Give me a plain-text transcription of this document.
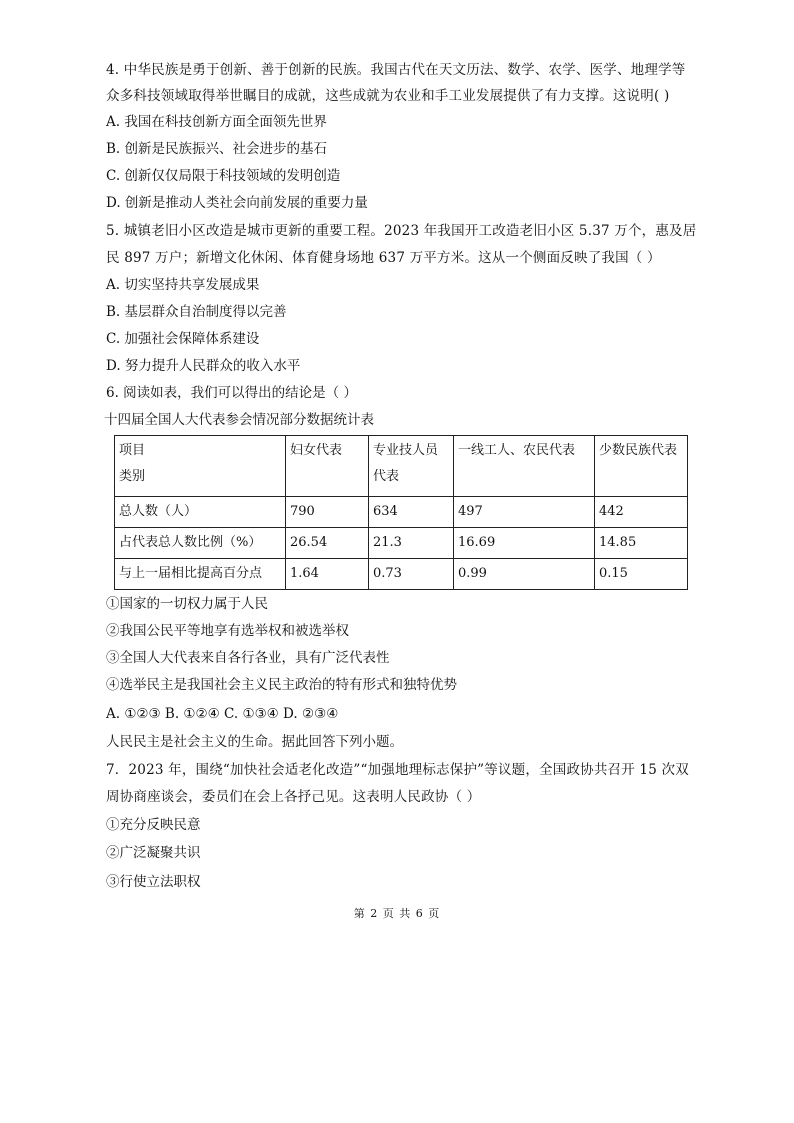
4. 中华民族是勇于创新、善于创新的民族。我国古代在天文历法、数学、农学、医学、地理学等
众多科技领域取得举世瞩目的成就，这些成就为农业和手工业发展提供了有力支撑。这说明( )
A. 我国在科技创新方面全面领先世界
B. 创新是民族振兴、社会进步的基石
C. 创新仅仅局限于科技领域的发明创造
D. 创新是推动人类社会向前发展的重要力量
5. 城镇老旧小区改造是城市更新的重要工程。2023 年我国开工改造老旧小区 5.37 万个，惠及居
民 897 万户；新增文化休闲、体育健身场地 637 万平方米。这从一个侧面反映了我国（ ）
A. 切实坚持共享发展成果
B. 基层群众自治制度得以完善
C. 加强社会保障体系建设
D. 努力提升人民群众的收入水平
6. 阅读如表，我们可以得出的结论是（ ）
十四届全国人大代表参会情况部分数据统计表
项目
类别	妇女代表	专业技人员代表	一线工人、农民代表	少数民族代表
总人数（人）	790	634	497	442
占代表总人数比例（%）	26.54	21.3	16.69	14.85
与上一届相比提高百分点	1.64	0.73	0.99	0.15
①国家的一切权力属于人民
②我国公民平等地享有选举权和被选举权
③全国人大代表来自各行各业，具有广泛代表性
④选举民主是我国社会主义民主政治的特有形式和独特优势
A. ①②③ B. ①②④ C. ①③④ D. ②③④
人民民主是社会主义的生命。据此回答下列小题。
7．2023 年，围绕“加快社会适老化改造”“加强地理标志保护”等议题，全国政协共召开 15 次双
周协商座谈会，委员们在会上各抒己见。这表明人民政协（ ）
①充分反映民意
②广泛凝聚共识
③行使立法职权
第 2 页 共 6 页
